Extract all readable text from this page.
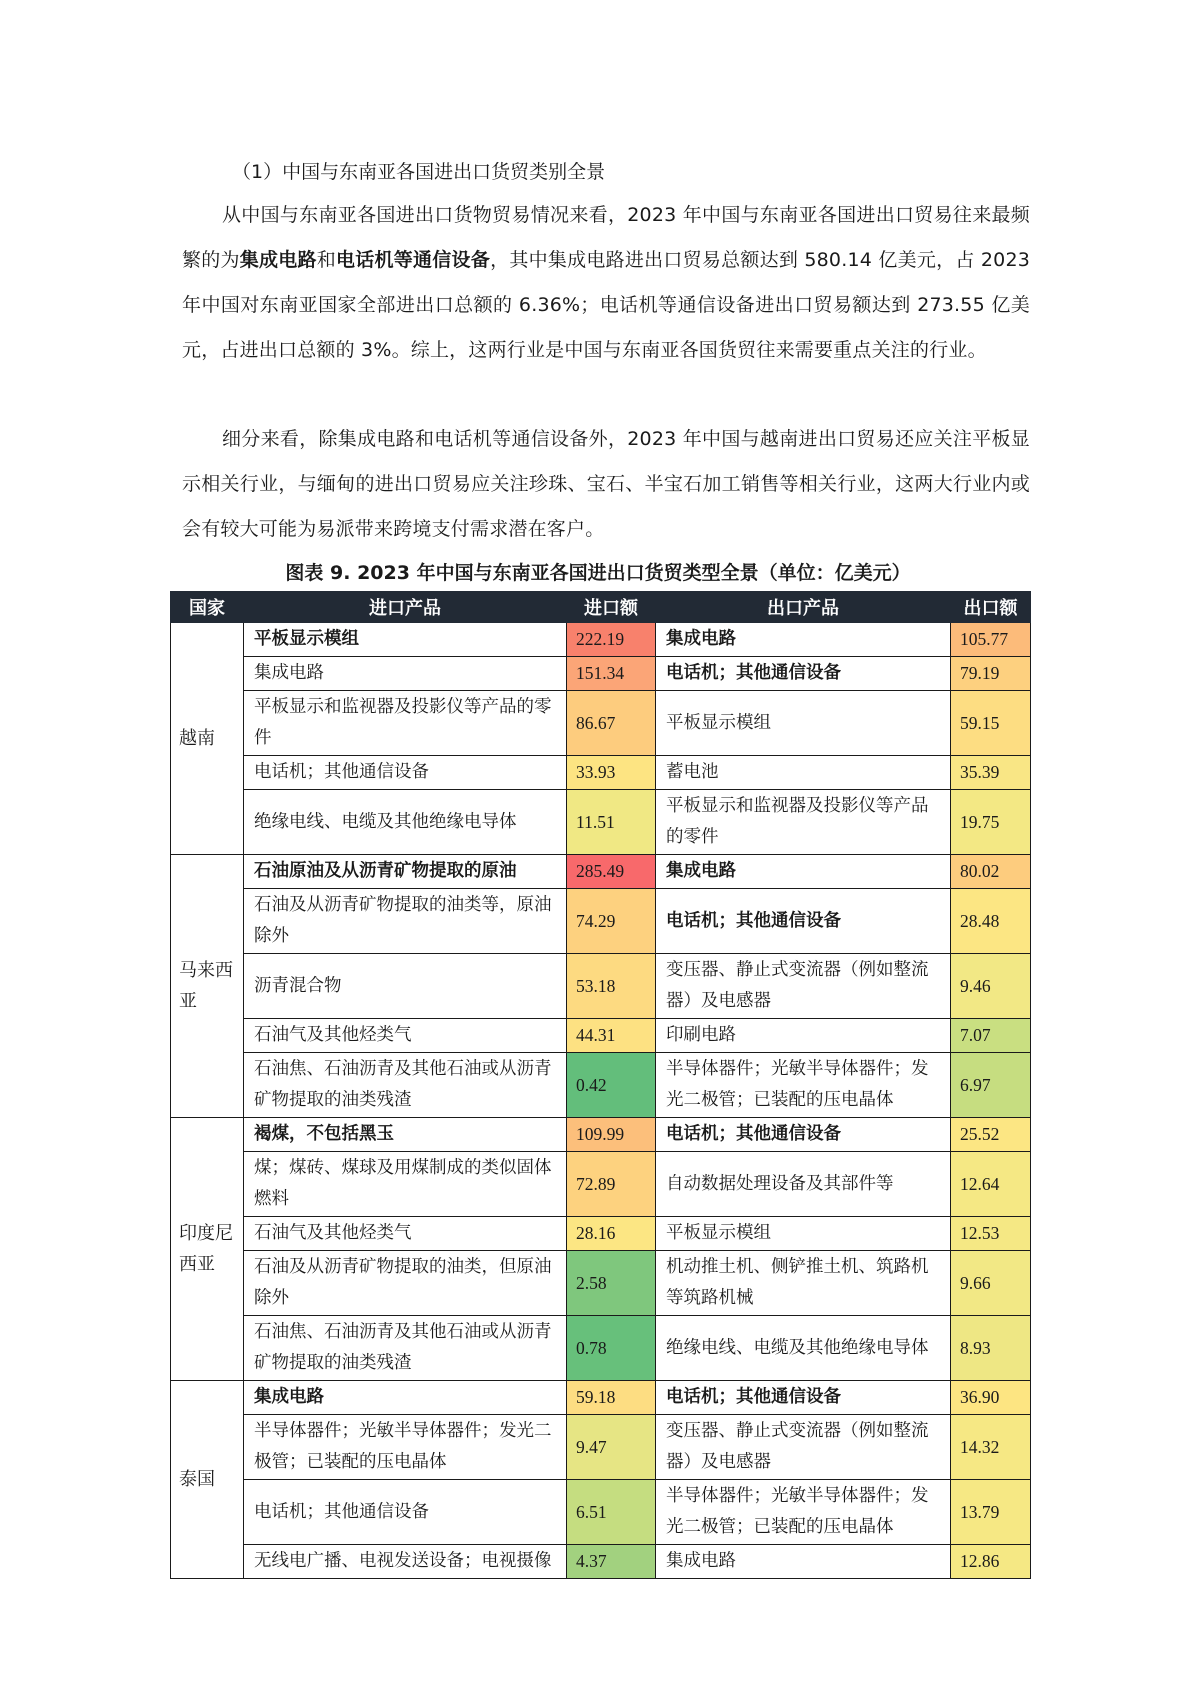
（1）中国与东南亚各国进出口货贸类别全景
从中国与东南亚各国进出口货物贸易情况来看，2023 年中国与东南亚各国进出口贸易往来最频繁的为集成电路和电话机等通信设备，其中集成电路进出口贸易总额达到 580.14 亿美元，占 2023 年中国对东南亚国家全部进出口总额的 6.36%；电话机等通信设备进出口贸易额达到 273.55 亿美元，占进出口总额的 3%。综上，这两行业是中国与东南亚各国货贸往来需要重点关注的行业。
细分来看，除集成电路和电话机等通信设备外，2023 年中国与越南进出口贸易还应关注平板显示相关行业，与缅甸的进出口贸易应关注珍珠、宝石、半宝石加工销售等相关行业，这两大行业内或会有较大可能为易派带来跨境支付需求潜在客户。
图表 9. 2023 年中国与东南亚各国进出口货贸类型全景（单位：亿美元）
国家	进口产品	进口额	出口产品	出口额
越南	平板显示模组	222.19	集成电路	105.77
	集成电路	151.34	电话机；其他通信设备	79.19
	平板显示和监视器及投影仪等产品的零件	86.67	平板显示模组	59.15
	电话机；其他通信设备	33.93	蓄电池	35.39
	绝缘电线、电缆及其他绝缘电导体	11.51	平板显示和监视器及投影仪等产品的零件	19.75
马来西亚	石油原油及从沥青矿物提取的原油	285.49	集成电路	80.02
	石油及从沥青矿物提取的油类等，原油除外	74.29	电话机；其他通信设备	28.48
	沥青混合物	53.18	变压器、静止式变流器（例如整流器）及电感器	9.46
	石油气及其他烃类气	44.31	印刷电路	7.07
	石油焦、石油沥青及其他石油或从沥青矿物提取的油类残渣	0.42	半导体器件；光敏半导体器件；发光二极管；已装配的压电晶体	6.97
印度尼西亚	褐煤，不包括黑玉	109.99	电话机；其他通信设备	25.52
	煤；煤砖、煤球及用煤制成的类似固体燃料	72.89	自动数据处理设备及其部件等	12.64
	石油气及其他烃类气	28.16	平板显示模组	12.53
	石油及从沥青矿物提取的油类，但原油除外	2.58	机动推土机、侧铲推土机、筑路机等筑路机械	9.66
	石油焦、石油沥青及其他石油或从沥青矿物提取的油类残渣	0.78	绝缘电线、电缆及其他绝缘电导体	8.93
泰国	集成电路	59.18	电话机；其他通信设备	36.90
	半导体器件；光敏半导体器件；发光二极管；已装配的压电晶体	9.47	变压器、静止式变流器（例如整流器）及电感器	14.32
	电话机；其他通信设备	6.51	半导体器件；光敏半导体器件；发光二极管；已装配的压电晶体	13.79
	无线电广播、电视发送设备；电视摄像	4.37	集成电路	12.86
